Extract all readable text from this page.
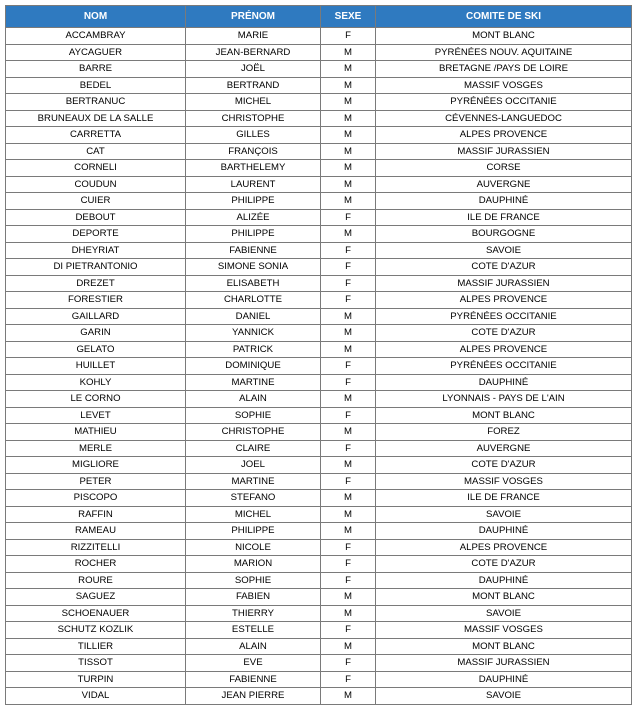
NOM	PRÉNOM	SEXE	COMITE DE SKI
ACCAMBRAY	MARIE	F	MONT BLANC
AYCAGUER	JEAN-BERNARD	M	PYRÉNÉES NOUV. AQUITAINE
BARRE	JOËL	M	BRETAGNE /PAYS DE LOIRE
BEDEL	BERTRAND	M	MASSIF VOSGES
BERTRANUC	MICHEL	M	PYRÉNÉES OCCITANIE
BRUNEAUX DE LA SALLE	CHRISTOPHE	M	CÉVENNES-LANGUEDOC
CARRETTA	GILLES	M	ALPES PROVENCE
CAT	FRANÇOIS	M	MASSIF JURASSIEN
CORNELI	BARTHELEMY	M	CORSE
COUDUN	LAURENT	M	AUVERGNE
CUIER	PHILIPPE	M	DAUPHINÉ
DEBOUT	ALIZÉE	F	ILE DE FRANCE
DEPORTE	PHILIPPE	M	BOURGOGNE
DHEYRIAT	FABIENNE	F	SAVOIE
DI PIETRANTONIO	SIMONE SONIA	F	COTE D'AZUR
DREZET	ELISABETH	F	MASSIF JURASSIEN
FORESTIER	CHARLOTTE	F	ALPES PROVENCE
GAILLARD	DANIEL	M	PYRÉNÉES OCCITANIE
GARIN	YANNICK	M	COTE D'AZUR
GELATO	PATRICK	M	ALPES PROVENCE
HUILLET	DOMINIQUE	F	PYRÉNÉES OCCITANIE
KOHLY	MARTINE	F	DAUPHINÉ
LE CORNO	ALAIN	M	LYONNAIS - PAYS DE L'AIN
LEVET	SOPHIE	F	MONT BLANC
MATHIEU	CHRISTOPHE	M	FOREZ
MERLE	CLAIRE	F	AUVERGNE
MIGLIORE	JOEL	M	COTE D'AZUR
PETER	MARTINE	F	MASSIF VOSGES
PISCOPO	STEFANO	M	ILE DE FRANCE
RAFFIN	MICHEL	M	SAVOIE
RAMEAU	PHILIPPE	M	DAUPHINÉ
RIZZITELLI	NICOLE	F	ALPES PROVENCE
ROCHER	MARION	F	COTE D'AZUR
ROURE	SOPHIE	F	DAUPHINÉ
SAGUEZ	FABIEN	M	MONT BLANC
SCHOENAUER	THIERRY	M	SAVOIE
SCHUTZ KOZLIK	ESTELLE	F	MASSIF VOSGES
TILLIER	ALAIN	M	MONT BLANC
TISSOT	EVE	F	MASSIF JURASSIEN
TURPIN	FABIENNE	F	DAUPHINÉ
VIDAL	JEAN PIERRE	M	SAVOIE
